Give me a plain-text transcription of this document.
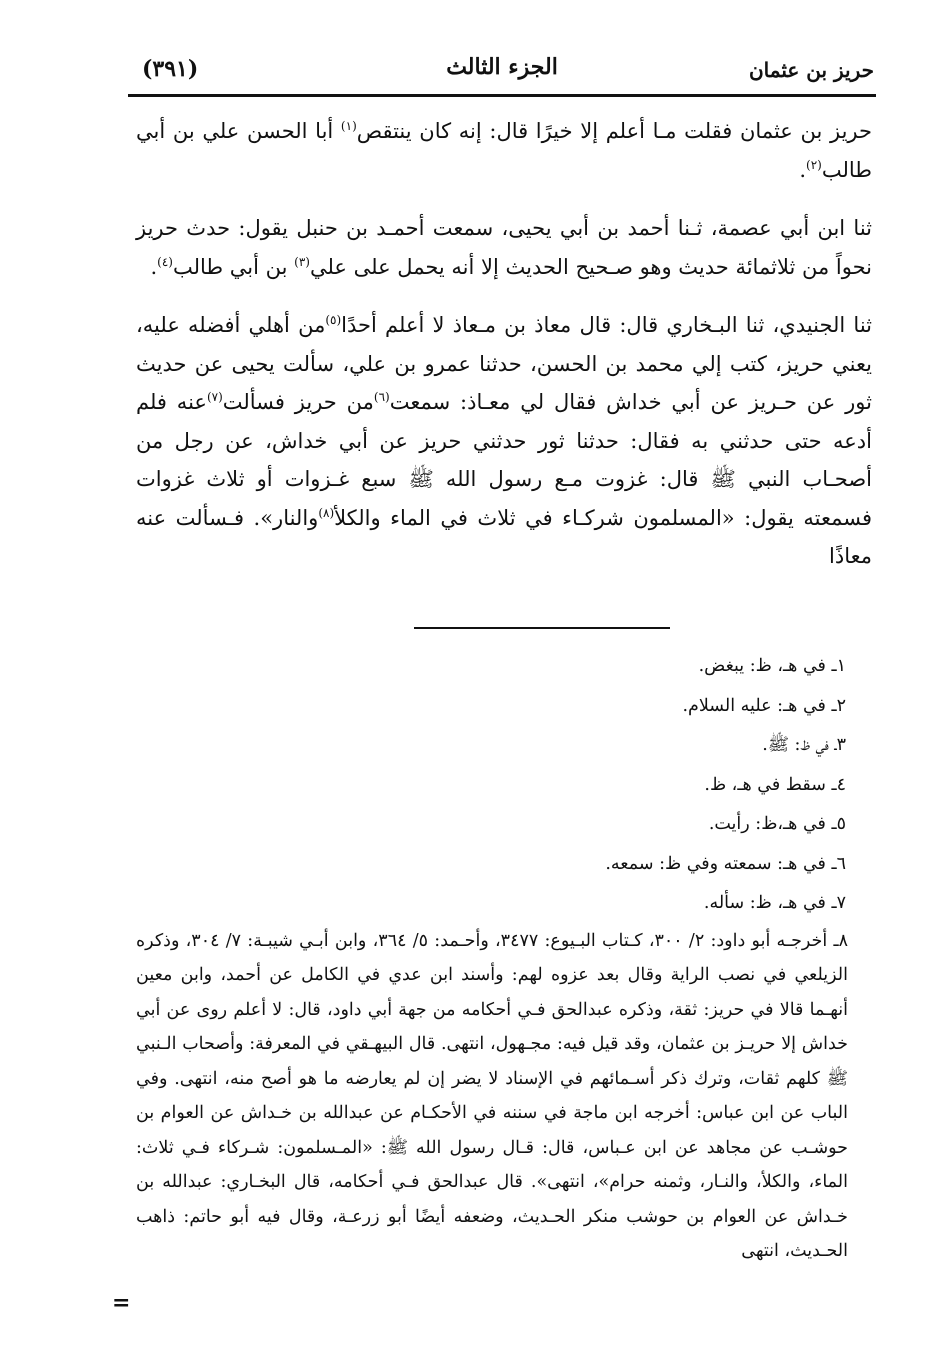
حريز بن عثمان
الجزء الثالث
(٣٩١)

حريز بن عثمان فقلت مـا أعلم إلا خيرًا قال: إنه كان ينتقص$^{(١)}$ أبا الحسن علي بن أبي طالب$^{(٢)}$.

ثنا ابن أبي عصمة، ثـنا أحمد بن أبي يحيى، سمعت أحمـد بن حنبل يقول: حدث حريز نحواً من ثلاثمائة حديث وهو صـحيح الحديث إلا أنه يحمل على علي$^{(٣)}$ بن أبي طالب$^{(٤)}$.

ثنا الجنيدي، ثنا البـخاري قال: قال معاذ بن مـعاذ لا أعلم أحدًا$^{(٥)}$من أهلي أفضله عليه، يعني حريز، كتب إلي محمد بن الحسن، حدثنا عمرو بن علي، سألت يحيى عن حديث ثور عن حـريز عن أبي خداش فقال لي معـاذ: سمعت$^{(٦)}$من حريز فسألت$^{(٧)}$عنه فلم أدعه حتى حدثني به فقال: حدثنا ثور حدثني حريز عن أبي خداش، عن رجل من أصحـاب النبي ﷺ قال: غزوت مـع رسول الله ﷺ سبع غـزوات أو ثلاث غزوات فسمعته يقول: «المسلمون شركـاء في ثلاث في الماء والكلأ$^{(٨)}$والنار». فـسألت عنه معاذًا

١ـ في هـ، ظ: يبغض.

٢ـ في هـ: عليه السلام.

٣ـ في ظ: ﷺ.

٤ـ سقط في هـ، ظ.

٥ـ في هـ،ظ: رأيت.

٦ـ في هـ: سمعته وفي ظ: سمعه.

٧ـ في هـ، ظ: سأله.

٨ـ أخرجـه أبو داود: ٢/ ٣٠٠، كـتاب البـيوع: ٣٤٧٧، وأحـمد: ٥/ ٣٦٤، وابن أبـي شيبـة: ٧/ ٣٠٤، وذكره الزيلعي في نصب الراية وقال بعد عزوه لهم: وأسند ابن عدي في الكامل عن أحمد، وابن معين أنهـما قالا في حريز: ثقة، وذكره عبدالحق فـي أحكامه من جهة أبي داود، قال: لا أعلم روى عن أبي خداش إلا حريـز بن عثمان، وقد قيل فيه: مجـهول، انتهى. قال البيهـقي في المعرفة: وأصحاب الـنبي ﷺ كلهم ثقات، وترك ذكر أسـمائهم في الإسناد لا يضر إن لم يعارضه ما هو أصح منه، انتهى. وفي الباب عن ابن عباس: أخرجه ابن ماجة في سننه في الأحكـام عن عبدالله بن خـداش عن العوام بن حوشـب عن مجاهد عن ابن عـباس، قال: قـال رسول الله ﷺ: «المـسلمون: شـركاء فـي ثلاث: الماء، والكلأ، والنـار، وثمنه حرام»، انتهى». قال عبدالحق فـي أحكامه، قال البخـاري: عبدالله بن خـداش عن العوام بن حوشب منكر الحـديث، وضعفه أيضًا أبو زرعـة، وقال فيه أبو حاتم: ذاهب الحـديث، انتهى

=
